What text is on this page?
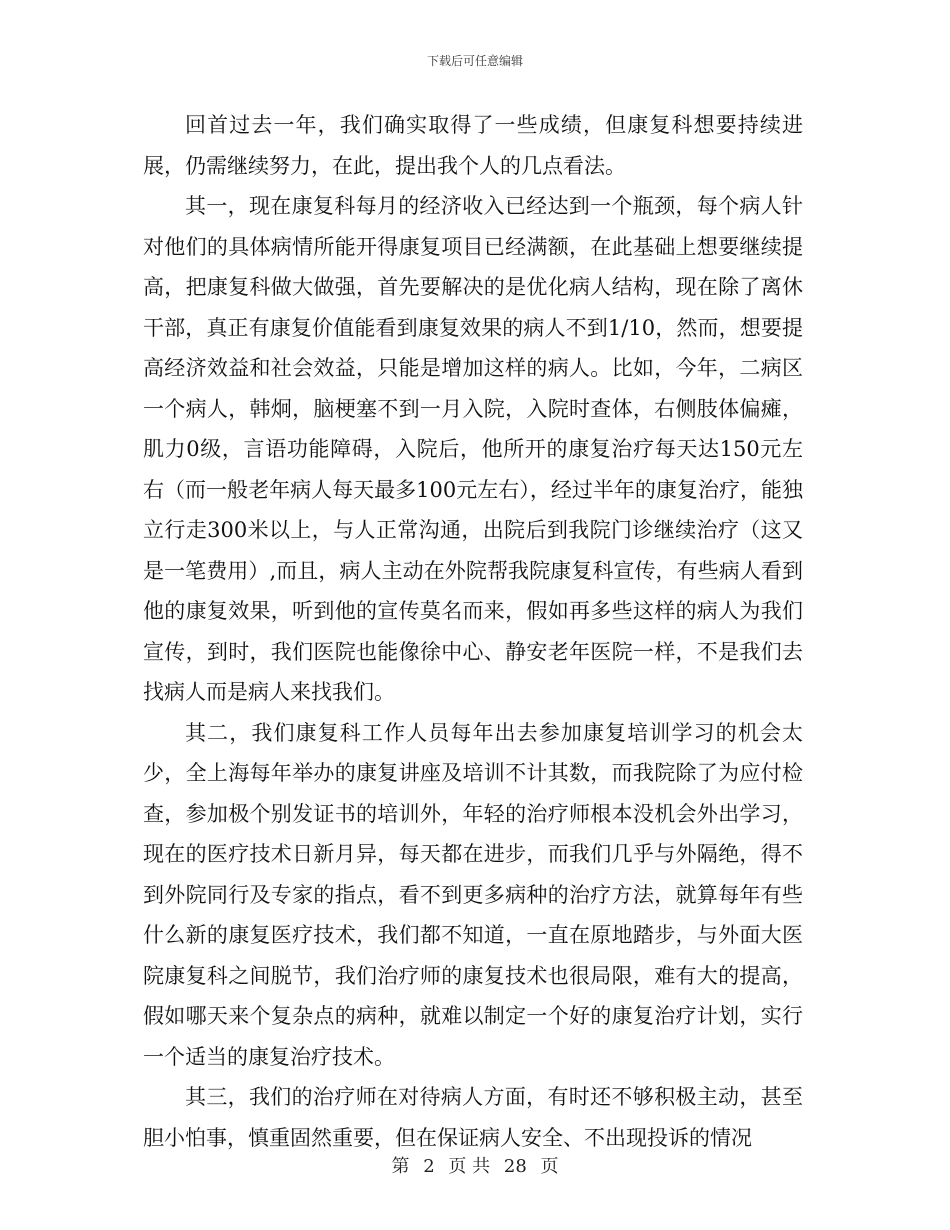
下载后可任意编辑

回首过去一年，我们确实取得了一些成绩，但康复科想要持续进展，仍需继续努力，在此，提出我个人的几点看法。

其一，现在康复科每月的经济收入已经达到一个瓶颈，每个病人针对他们的具体病情所能开得康复项目已经满额，在此基础上想要继续提高，把康复科做大做强，首先要解决的是优化病人结构，现在除了离休干部，真正有康复价值能看到康复效果的病人不到1/10，然而，想要提高经济效益和社会效益，只能是增加这样的病人。比如，今年，二病区一个病人，韩炯，脑梗塞不到一月入院，入院时查体，右侧肢体偏瘫，肌力0级，言语功能障碍，入院后，他所开的康复治疗每天达150元左右（而一般老年病人每天最多100元左右），经过半年的康复治疗，能独立行走300米以上，与人正常沟通，出院后到我院门诊继续治疗（这又是一笔费用）,而且，病人主动在外院帮我院康复科宣传，有些病人看到他的康复效果，听到他的宣传莫名而来，假如再多些这样的病人为我们宣传，到时，我们医院也能像徐中心、静安老年医院一样，不是我们去找病人而是病人来找我们。

其二，我们康复科工作人员每年出去参加康复培训学习的机会太少，全上海每年举办的康复讲座及培训不计其数，而我院除了为应付检查，参加极个别发证书的培训外，年轻的治疗师根本没机会外出学习，现在的医疗技术日新月异，每天都在进步，而我们几乎与外隔绝，得不到外院同行及专家的指点，看不到更多病种的治疗方法，就算每年有些什么新的康复医疗技术，我们都不知道，一直在原地踏步，与外面大医院康复科之间脱节，我们治疗师的康复技术也很局限，难有大的提高，假如哪天来个复杂点的病种，就难以制定一个好的康复治疗计划，实行一个适当的康复治疗技术。

其三，我们的治疗师在对待病人方面，有时还不够积极主动，甚至胆小怕事，慎重固然重要，但在保证病人安全、不出现投诉的情况

第 2 页 共 28 页
